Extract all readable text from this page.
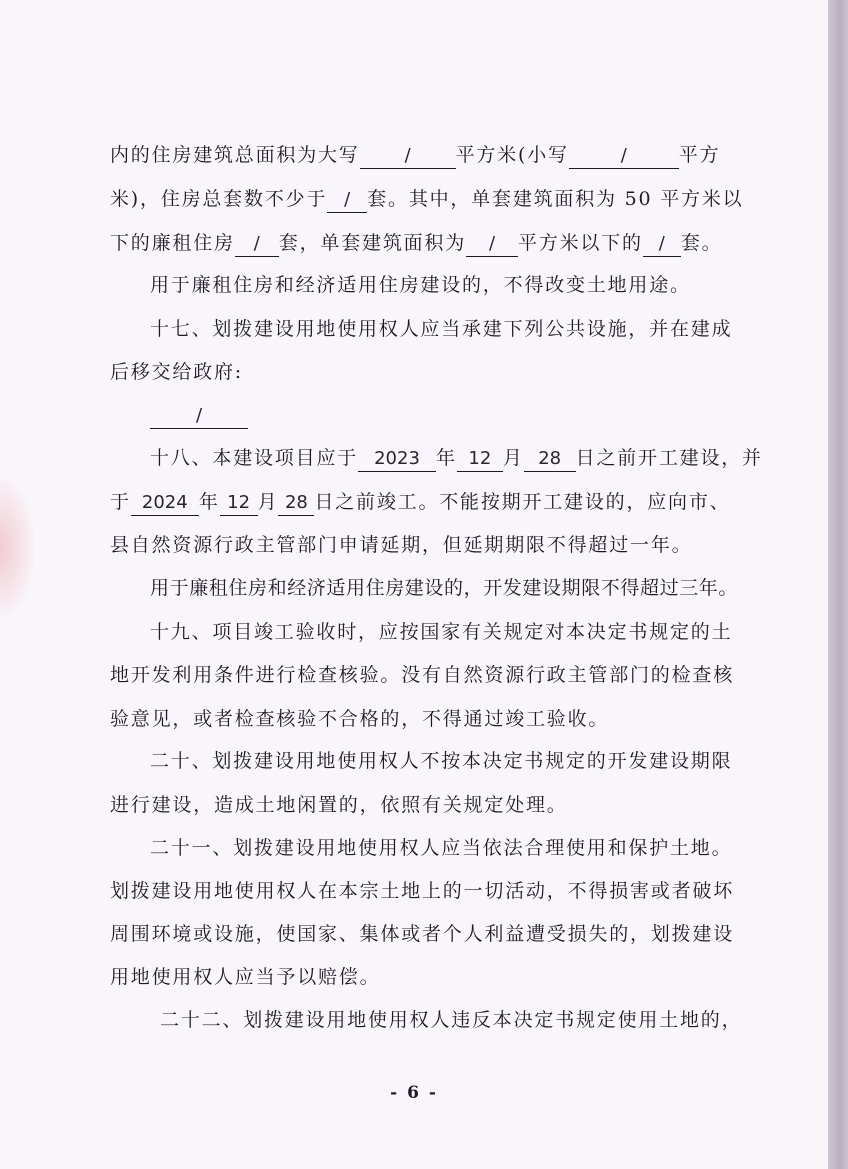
内的住房建筑总面积为大写 / 平方米(小写	/	平方
米)，住房总套数不少于 / 套。其中，单套建筑面积为 50 平方米以
下的廉租住房 / 套，单套建筑面积为 / 平方米以下的 / 套。
用于廉租住房和经济适用住房建设的，不得改变土地用途。
十七、划拨建设用地使用权人应当承建下列公共设施，并在建成
后移交给政府:
/
十八、本建设项目应于 2023 年 12 月 28 日之前开工建设，并
于 2024 年 12 月 28 日之前竣工。不能按期开工建设的，应向市、
县自然资源行政主管部门申请延期，但延期期限不得超过一年。
用于廉租住房和经济适用住房建设的，开发建设期限不得超过三年。
十九、项目竣工验收时，应按国家有关规定对本决定书规定的土
地开发利用条件进行检查核验。没有自然资源行政主管部门的检查核
验意见，或者检查核验不合格的，不得通过竣工验收。
二十、划拨建设用地使用权人不按本决定书规定的开发建设期限
进行建设，造成土地闲置的，依照有关规定处理。
二十一、划拨建设用地使用权人应当依法合理使用和保护土地。
划拨建设用地使用权人在本宗土地上的一切活动，不得损害或者破坏
周围环境或设施，使国家、集体或者个人利益遭受损失的，划拨建设
用地使用权人应当予以赔偿。
二十二、划拨建设用地使用权人违反本决定书规定使用土地的，
- 6 -
